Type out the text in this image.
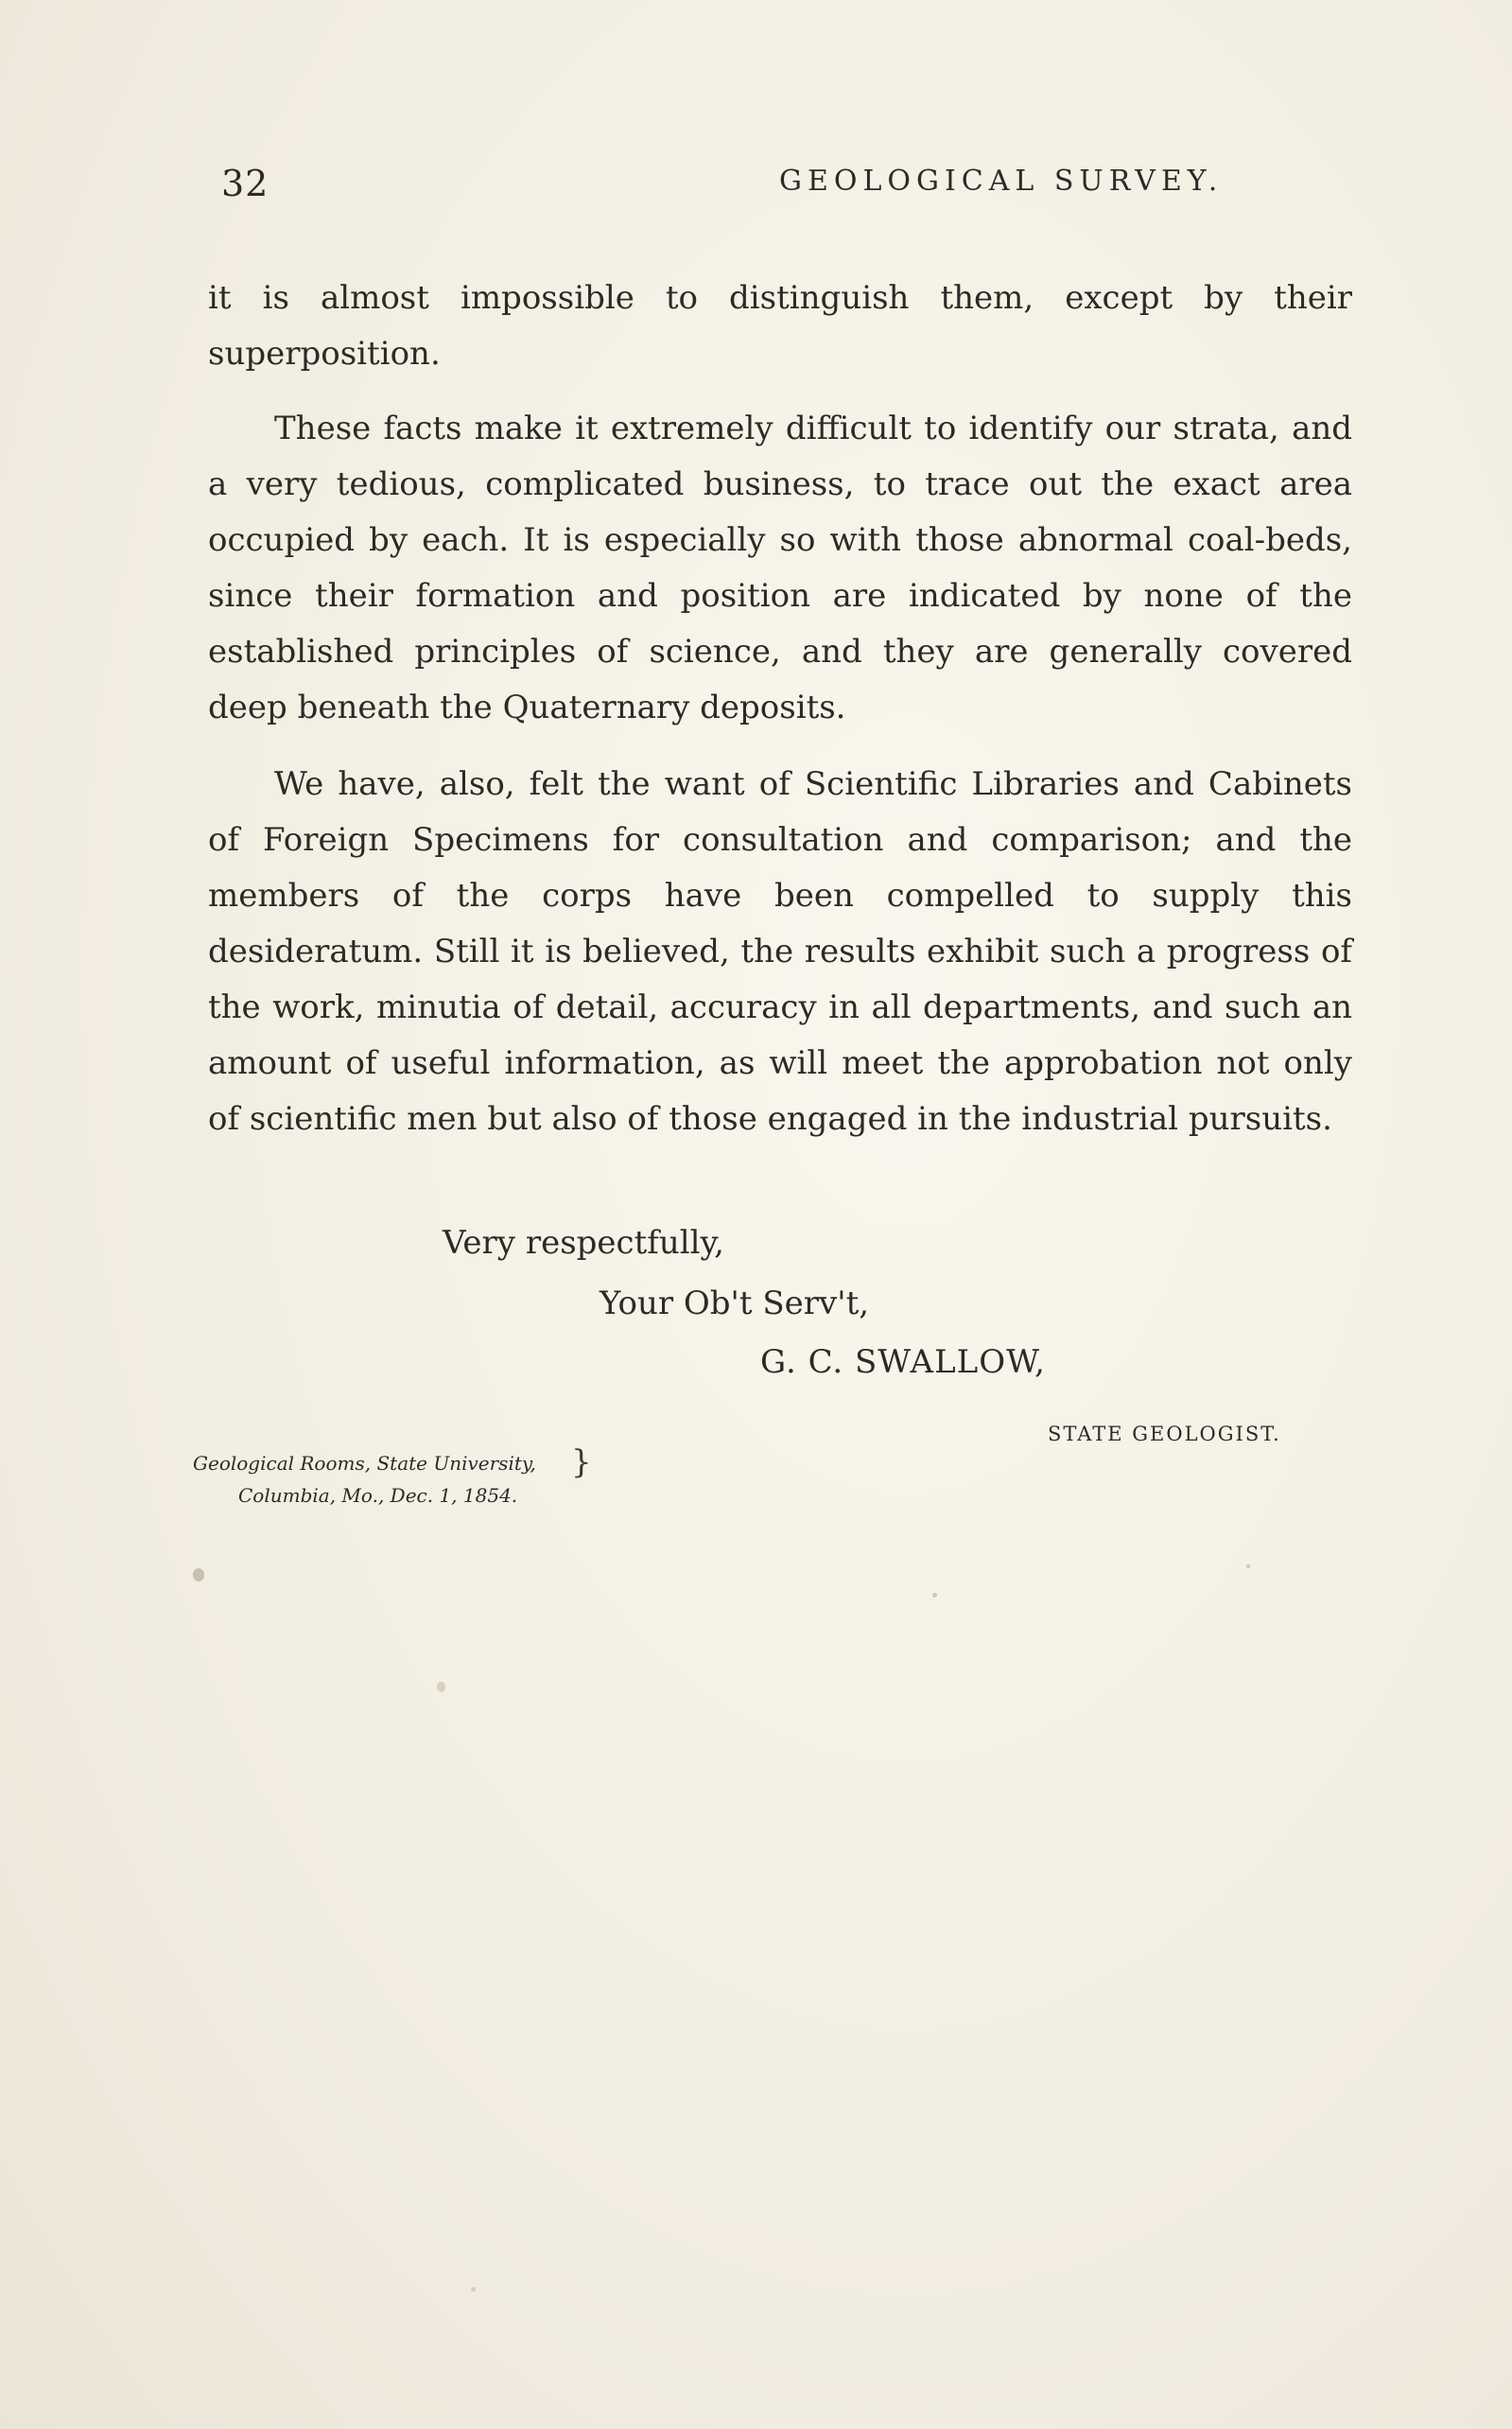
32	GEOLOGICAL SURVEY.

it is almost impossible to distinguish them, except by their superposition.

These facts make it extremely difficult to identify our strata, and a very tedious, complicated business, to trace out the exact area occupied by each. It is especially so with those abnormal coal-beds, since their formation and position are indicated by none of the established principles of science, and they are generally covered deep beneath the Quaternary deposits.

We have, also, felt the want of Scientific Libraries and Cabinets of Foreign Specimens for consultation and comparison; and the members of the corps have been compelled to supply this desideratum. Still it is believed, the results exhibit such a progress of the work, minutia of detail, accuracy in all departments, and such an amount of useful information, as will meet the approbation not only of scientific men but also of those engaged in the industrial pursuits.

Very respectfully,
Your Ob't Serv't,
G. C. SWALLOW,
STATE GEOLOGIST.
Geological Rooms, State University,
Columbia, Mo., Dec. 1, 1854.
}
